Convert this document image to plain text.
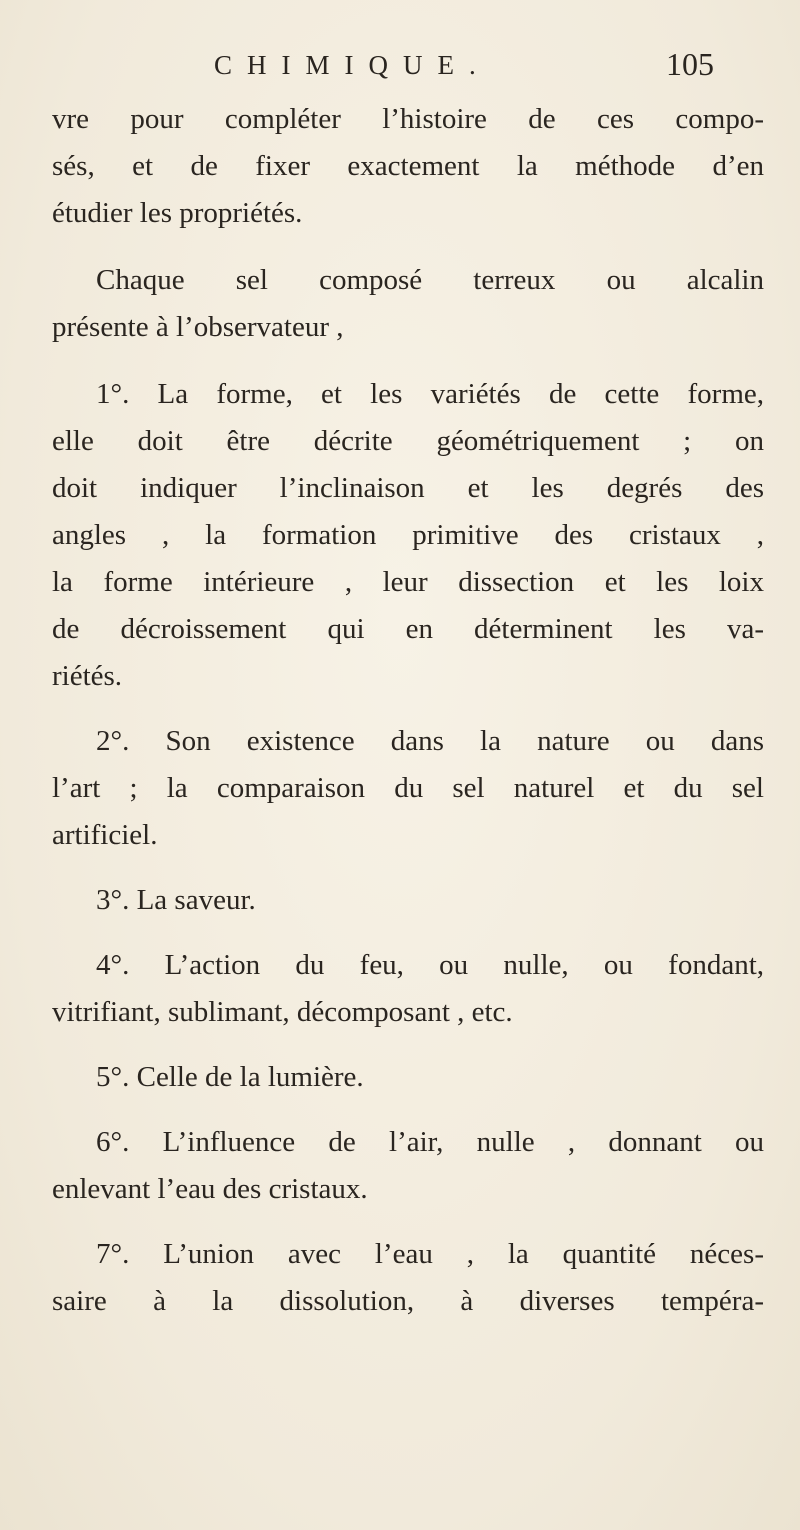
CHIMIQUE.	105

vre pour compléter l’histoire de ces compo-
sés, et de fixer exactement la méthode d’en
étudier les propriétés.

Chaque sel composé terreux ou alcalin
présente à l’observateur ,

1°. La forme, et les variétés de cette forme,
elle doit être décrite géométriquement ; on
doit indiquer l’inclinaison et les degrés des
angles , la formation primitive des cristaux ,
la forme intérieure , leur dissection et les loix
de décroissement qui en déterminent les va-
riétés.

2°. Son existence dans la nature ou dans
l’art ; la comparaison du sel naturel et du sel
artificiel.

3°. La saveur.

4°. L’action du feu, ou nulle, ou fondant,
vitrifiant, sublimant, décomposant , etc.

5°. Celle de la lumière.

6°. L’influence de l’air, nulle , donnant ou
enlevant l’eau des cristaux.

7°. L’union avec l’eau , la quantité néces-
saire à la dissolution, à diverses tempéra-
